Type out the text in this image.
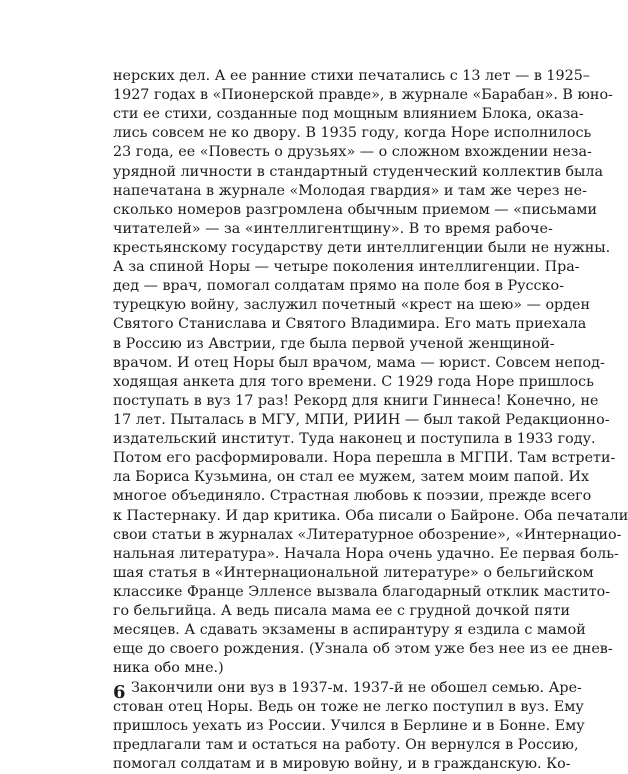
нерских дел. А ее ранние стихи печатались с 13 лет — в 1925–
1927 годах в «Пионерской правде», в журнале «Барабан». В юно-
сти ее стихи, созданные под мощным влиянием Блока, оказа-
лись совсем не ко двору. В 1935 году, когда Норе исполнилось
23 года, ее «Повесть о друзьях» — о сложном вхождении неза-
урядной личности в стандартный студенческий коллектив была
напечатана в журнале «Молодая гвардия» и там же через не-
сколько номеров разгромлена обычным приемом — «письмами
читателей» — за «интеллигентщину». В то время рабоче-
крестьянскому государству дети интеллигенции были не нужны.
А за спиной Норы — четыре поколения интеллигенции. Пра-
дед — врач, помогал солдатам прямо на поле боя в Русско-
турецкую войну, заслужил почетный «крест на шею» — орден
Святого Станислава и Святого Владимира. Его мать приехала
в Россию из Австрии, где была первой ученой женщиной-
врачом. И отец Норы был врачом, мама — юрист. Совсем непод-
ходящая анкета для того времени. С 1929 года Норе пришлось
поступать в вуз 17 раз! Рекорд для книги Гиннеса! Конечно, не
17 лет. Пыталась в МГУ, МПИ, РИИН — был такой Редакционно-
издательский институт. Туда наконец и поступила в 1933 году.
Потом его расформировали. Нора перешла в МГПИ. Там встрети-
ла Бориса Кузьмина, он стал ее мужем, затем моим папой. Их
многое объединяло. Страстная любовь к поэзии, прежде всего
к Пастернаку. И дар критика. Оба писали о Байроне. Оба печатали
свои статьи в журналах «Литературное обозрение», «Интернацио-
нальная литература». Начала Нора очень удачно. Ее первая боль-
шая статья в «Интернациональной литературе» о бельгийском
классике Франце Элленсе вызвала благодарный отклик мастито-
го бельгийца. А ведь писала мама ее с грудной дочкой пяти
месяцев. А сдавать экзамены в аспирантуру я ездила с мамой
еще до своего рождения. (Узнала об этом уже без нее из ее днев-
ника обо мне.)
Закончили они вуз в 1937-м. 1937-й не обошел семью. Аре-
стован отец Норы. Ведь он тоже не легко поступил в вуз. Ему
пришлось уехать из России. Учился в Берлине и в Бонне. Ему
предлагали там и остаться на работу. Он вернулся в Россию,
помогал солдатам и в мировую войну, и в гражданскую. Ко-
6
